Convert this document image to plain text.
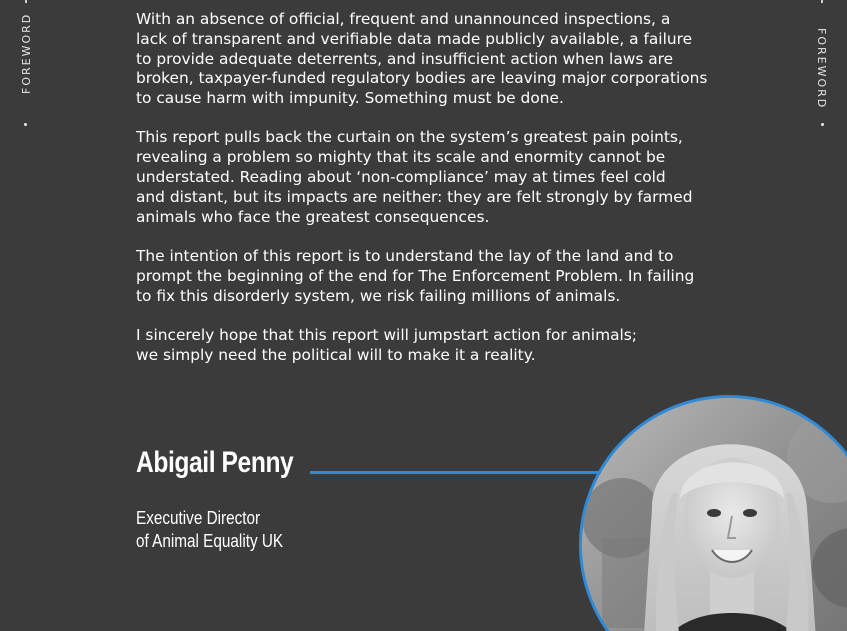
FOREWORD	FOREWORD

With an absence of official, frequent and unannounced inspections, a
lack of transparent and verifiable data made publicly available, a failure
to provide adequate deterrents, and insufficient action when laws are
broken, taxpayer-funded regulatory bodies are leaving major corporations
to cause harm with impunity. Something must be done.

This report pulls back the curtain on the system’s greatest pain points,
revealing a problem so mighty that its scale and enormity cannot be
understated. Reading about ‘non-compliance’ may at times feel cold
and distant, but its impacts are neither: they are felt strongly by farmed
animals who face the greatest consequences.

The intention of this report is to understand the lay of the land and to
prompt the beginning of the end for The Enforcement Problem. In failing
to fix this disorderly system, we risk failing millions of animals.

I sincerely hope that this report will jumpstart action for animals;
we simply need the political will to make it a reality.

Abigail Penny
Executive Director
of Animal Equality UK
